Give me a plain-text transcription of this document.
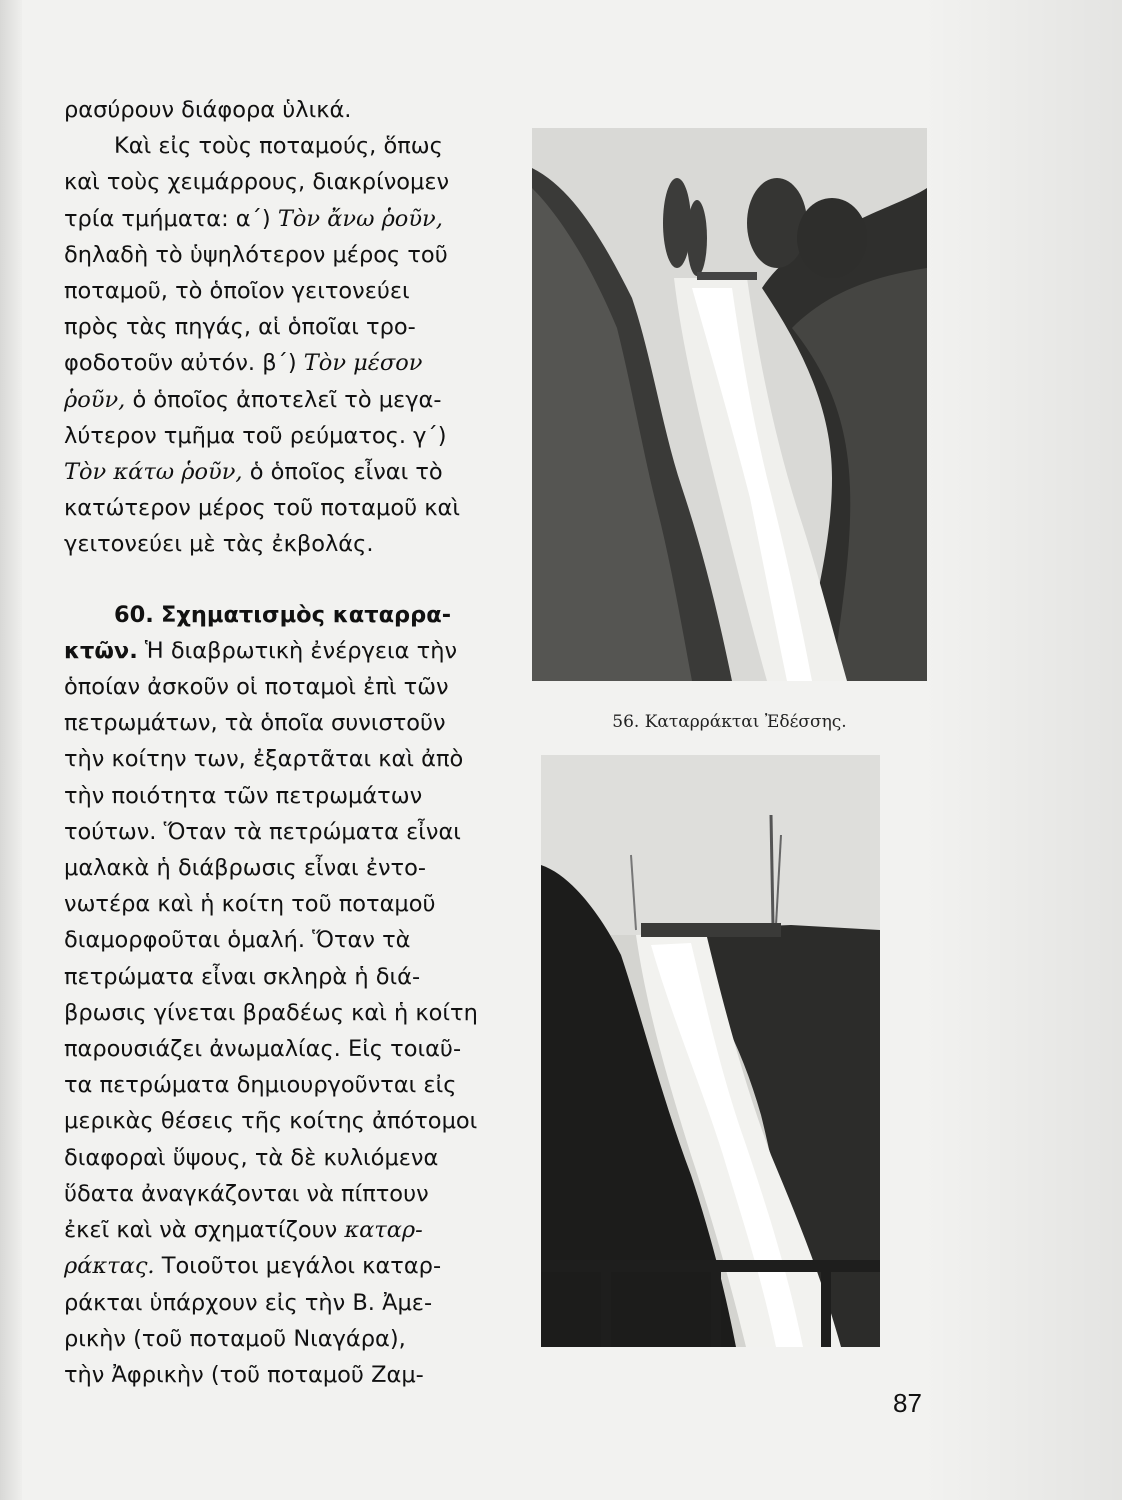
ρασύρουν διάφορα ὑλικά.

Καὶ εἰς τοὺς ποταμούς, ὅπως

καὶ τοὺς χειμάρρους, διακρίνομεν

τρία τμήματα: α΄) Τὸν ἄνω ῥοῦν,

δηλαδὴ τὸ ὑψηλότερον μέρος τοῦ

ποταμοῦ, τὸ ὁποῖον γειτονεύει

πρὸς τὰς πηγάς, αἱ ὁποῖαι τρο-

φοδοτοῦν αὐτόν. β΄) Τὸν μέσον

ῥοῦν, ὁ ὁποῖος ἀποτελεῖ τὸ μεγα-

λύτερον τμῆμα τοῦ ρεύματος. γ΄)

Τὸν κάτω ῥοῦν, ὁ ὁποῖος εἶναι τὸ

κατώτερον μέρος τοῦ ποταμοῦ καὶ

γειτονεύει μὲ τὰς ἐκβολάς.

60. Σχηματισμὸς καταρρα-

κτῶν. Ἡ διαβρωτικὴ ἐνέργεια τὴν

ὁποίαν ἀσκοῦν οἱ ποταμοὶ ἐπὶ τῶν

πετρωμάτων, τὰ ὁποῖα συνιστοῦν

τὴν κοίτην των, ἐξαρτᾶται καὶ ἀπὸ

τὴν ποιότητα τῶν πετρωμάτων

τούτων. Ὅταν τὰ πετρώματα εἶναι

μαλακὰ ἡ διάβρωσις εἶναι ἐντο-

νωτέρα καὶ ἡ κοίτη τοῦ ποταμοῦ

διαμορφοῦται ὁμαλή. Ὅταν τὰ

πετρώματα εἶναι σκληρὰ ἡ διά-

βρωσις γίνεται βραδέως καὶ ἡ κοίτη

παρουσιάζει ἀνωμαλίας. Εἰς τοιαῦ-

τα πετρώματα δημιουργοῦνται εἰς

μερικὰς θέσεις τῆς κοίτης ἀπότομοι

διαφοραὶ ὕψους, τὰ δὲ κυλιόμενα

ὕδατα ἀναγκάζονται νὰ πίπτουν

ἐκεῖ καὶ νὰ σχηματίζουν καταρ-

ράκτας. Τοιοῦτοι μεγάλοι καταρ-

ράκται ὑπάρχουν εἰς τὴν Β. Ἀμε-

ρικὴν (τοῦ ποταμοῦ Νιαγάρα),

τὴν Ἀφρικὴν (τοῦ ποταμοῦ Ζαμ-

56. Καταρράκται Ἐδέσσης.
87
